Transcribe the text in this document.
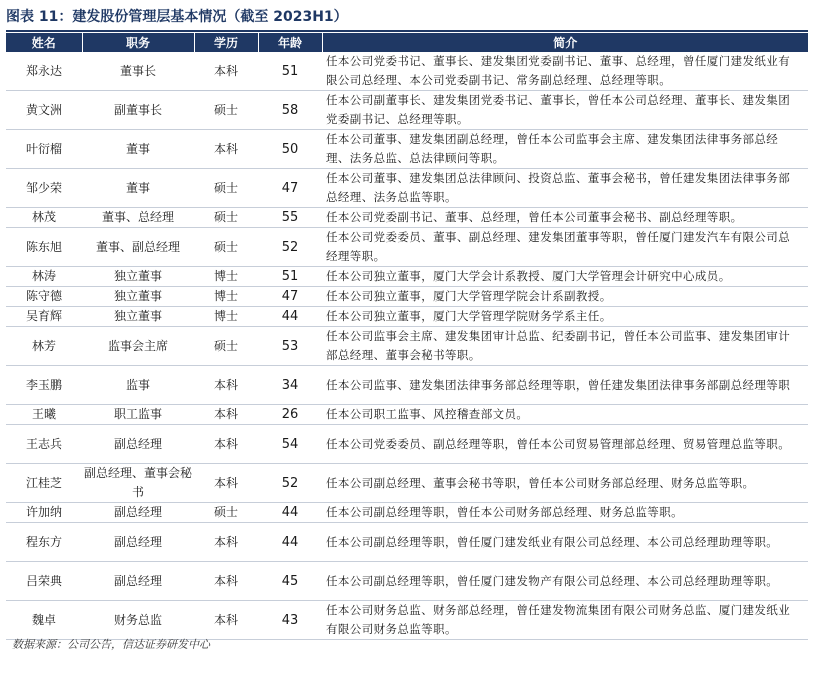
图表 11：建发股份管理层基本情况（截至 2023H1）
姓名	职务	学历	年龄	简介
郑永达	董事长	本科	51	任本公司党委书记、董事长、建发集团党委副书记、董事、总经理，曾任厦门建发纸业有限公司总经理、本公司党委副书记、常务副总经理、总经理等职。
黄文洲	副董事长	硕士	58	任本公司副董事长、建发集团党委书记、董事长，曾任本公司总经理、董事长、建发集团党委副书记、总经理等职。
叶衍榴	董事	本科	50	任本公司董事、建发集团副总经理，曾任本公司监事会主席、建发集团法律事务部总经理、法务总监、总法律顾问等职。
邹少荣	董事	硕士	47	任本公司董事、建发集团总法律顾问、投资总监、董事会秘书，曾任建发集团法律事务部总经理、法务总监等职。
林茂	董事、总经理	硕士	55	任本公司党委副书记、董事、总经理，曾任本公司董事会秘书、副总经理等职。
陈东旭	董事、副总经理	硕士	52	任本公司党委委员、董事、副总经理、建发集团董事等职，曾任厦门建发汽车有限公司总经理等职。
林涛	独立董事	博士	51	任本公司独立董事，厦门大学会计系教授、厦门大学管理会计研究中心成员。
陈守德	独立董事	博士	47	任本公司独立董事，厦门大学管理学院会计系副教授。
吴育辉	独立董事	博士	44	任本公司独立董事，厦门大学管理学院财务学系主任。
林芳	监事会主席	硕士	53	任本公司监事会主席、建发集团审计总监、纪委副书记，曾任本公司监事、建发集团审计部总经理、董事会秘书等职。
李玉鹏	监事	本科	34	任本公司监事、建发集团法律事务部总经理等职，曾任建发集团法律事务部副总经理等职
王曦	职工监事	本科	26	任本公司职工监事、风控稽查部文员。
王志兵	副总经理	本科	54	任本公司党委委员、副总经理等职，曾任本公司贸易管理部总经理、贸易管理总监等职。
江桂芝	副总经理、董事会秘书	本科	52	任本公司副总经理、董事会秘书等职，曾任本公司财务部总经理、财务总监等职。
许加纳	副总经理	硕士	44	任本公司副总经理等职，曾任本公司财务部总经理、财务总监等职。
程东方	副总经理	本科	44	任本公司副总经理等职，曾任厦门建发纸业有限公司总经理、本公司总经理助理等职。
吕荣典	副总经理	本科	45	任本公司副总经理等职，曾任厦门建发物产有限公司总经理、本公司总经理助理等职。
魏卓	财务总监	本科	43	任本公司财务总监、财务部总经理，曾任建发物流集团有限公司财务总监、厦门建发纸业有限公司财务总监等职。
数据来源：公司公告，信达证券研发中心
